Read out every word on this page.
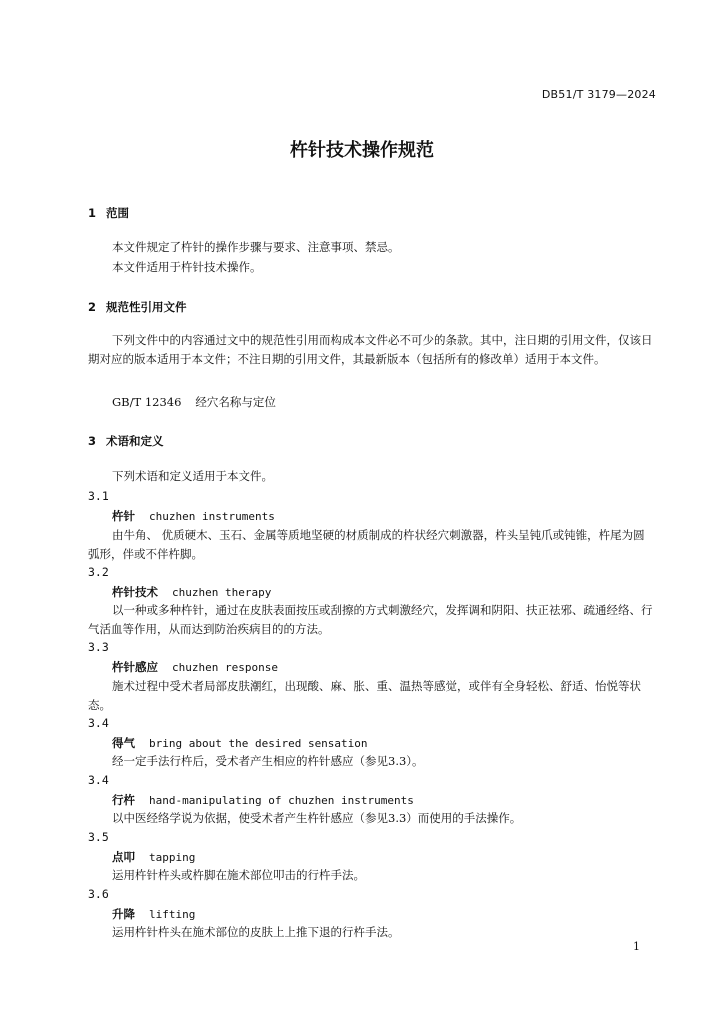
DB51/T 3179—2024
杵针技术操作规范
1 范围
本文件规定了杵针的操作步骤与要求、注意事项、禁忌。
本文件适用于杵针技术操作。
2 规范性引用文件
下列文件中的内容通过文中的规范性引用而构成本文件必不可少的条款。其中，注日期的引用文件，仅该日期对应的版本适用于本文件；不注日期的引用文件，其最新版本（包括所有的修改单）适用于本文件。
GB/T 12346 经穴名称与定位
3 术语和定义
下列术语和定义适用于本文件。
3.1
杵针 chuzhen instruments
由牛角、 优质硬木、玉石、金属等质地坚硬的材质制成的杵状经穴刺激器，杵头呈钝爪或钝锥，杵尾为圆弧形，伴或不伴杵脚。
3.2
杵针技术 chuzhen therapy
以一种或多种杵针，通过在皮肤表面按压或刮擦的方式刺激经穴，发挥调和阴阳、扶正祛邪、疏通经络、行气活血等作用，从而达到防治疾病目的的方法。
3.3
杵针感应 chuzhen response
施术过程中受术者局部皮肤潮红，出现酸、麻、胀、重、温热等感觉，或伴有全身轻松、舒适、怡悦等状态。
3.4
得气 bring about the desired sensation
经一定手法行杵后，受术者产生相应的杵针感应（参见3.3）。
3.4
行杵 hand-manipulating of chuzhen instruments
以中医经络学说为依据，使受术者产生杵针感应（参见3.3）而使用的手法操作。
3.5
点叩 tapping
运用杵针杵头或杵脚在施术部位叩击的行杵手法。
3.6
升降 lifting
运用杵针杵头在施术部位的皮肤上上推下退的行杵手法。
1
